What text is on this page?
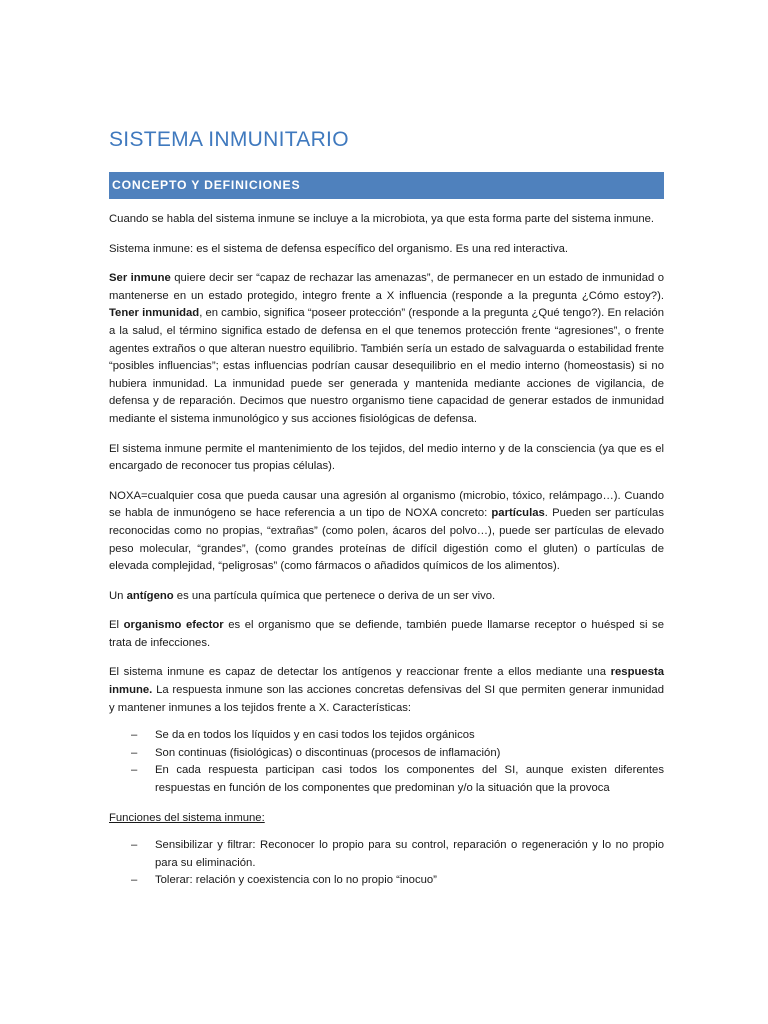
SISTEMA INMUNITARIO
CONCEPTO Y DEFINICIONES

Cuando se habla del sistema inmune se incluye a la microbiota, ya que esta forma parte del sistema inmune.

Sistema inmune: es el sistema de defensa específico del organismo. Es una red interactiva.

Ser inmune quiere decir ser “capaz de rechazar las amenazas”, de permanecer en un estado de inmunidad o mantenerse en un estado protegido, integro frente a X influencia (responde a la pregunta ¿Cómo estoy?). Tener inmunidad, en cambio, significa “poseer protección” (responde a la pregunta ¿Qué tengo?). En relación a la salud, el término significa estado de defensa en el que tenemos protección frente “agresiones”, o frente agentes extraños o que alteran nuestro equilibrio. También sería un estado de salvaguarda o estabilidad frente “posibles influencias”; estas influencias podrían causar desequilibrio en el medio interno (homeostasis) si no hubiera inmunidad. La inmunidad puede ser generada y mantenida mediante acciones de vigilancia, de defensa y de reparación. Decimos que nuestro organismo tiene capacidad de generar estados de inmunidad mediante el sistema inmunológico y sus acciones fisiológicas de defensa.

El sistema inmune permite el mantenimiento de los tejidos, del medio interno y de la consciencia (ya que es el encargado de reconocer tus propias células).

NOXA=cualquier cosa que pueda causar una agresión al organismo (microbio, tóxico, relámpago…). Cuando se habla de inmunógeno se hace referencia a un tipo de NOXA concreto: partículas. Pueden ser partículas reconocidas como no propias, “extrañas” (como polen, ácaros del polvo…), puede ser partículas de elevado peso molecular, “grandes”, (como grandes proteínas de difícil digestión como el gluten) o partículas de elevada complejidad, “peligrosas” (como fármacos o añadidos químicos de los alimentos).

Un antígeno es una partícula química que pertenece o deriva de un ser vivo.

El organismo efector es el organismo que se defiende, también puede llamarse receptor o huésped si se trata de infecciones.

El sistema inmune es capaz de detectar los antígenos y reaccionar frente a ellos mediante una respuesta inmune. La respuesta inmune son las acciones concretas defensivas del SI que permiten generar inmunidad y mantener inmunes a los tejidos frente a X. Características:

– Se da en todos los líquidos y en casi todos los tejidos orgánicos
– Son continuas (fisiológicas) o discontinuas (procesos de inflamación)
– En cada respuesta participan casi todos los componentes del SI, aunque existen diferentes respuestas en función de los componentes que predominan y/o la situación que la provoca

Funciones del sistema inmune:

– Sensibilizar y filtrar: Reconocer lo propio para su control, reparación o regeneración y lo no propio para su eliminación.
– Tolerar: relación y coexistencia con lo no propio “inocuo”
